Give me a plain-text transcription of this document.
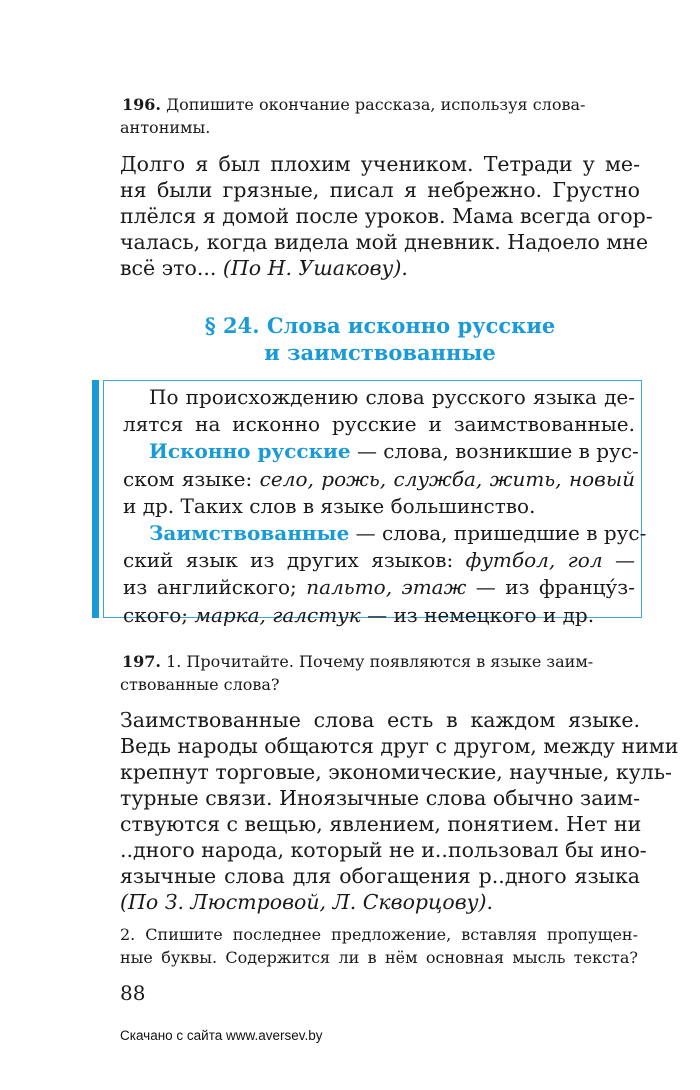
196. Допишите окончание рассказа, используя слова-
антонимы.
Долго я был плохим учеником. Тетради у ме-
ня были грязные, писал я небрежно. Грустно
плёлся я домой после уроков. Мама всегда огор-
чалась, когда видела мой дневник. Надоело мне
всё это... (По Н. Ушакову).
§ 24. Слова исконно русские
и заимствованные
По происхождению слова русского языка де-
лятся на исконно русские и заимствованные.
Исконно русские — слова, возникшие в рус-
ском языке: село, рожь, служба, жить, новый
и др. Таких слов в языке большинство.
Заимствованные — слова, пришедшие в рус-
ский язык из других языков: футбол, гол —
из английского; пальто, этаж — из францу́з-
ского; марка, галстук — из немецкого и др.
197. 1. Прочитайте. Почему появляются в языке заим-
ствованные слова?
Заимствованные слова есть в каждом языке.
Ведь народы общаются друг с другом, между ними
крепнут торговые, экономические, научные, куль-
турные связи. Иноязычные слова обычно заим-
ствуются с вещью, явлением, понятием. Нет ни
..дного народа, который не и..пользовал бы ино-
язычные слова для обогащения р..дного языка
(По З. Люстровой, Л. Скворцову).
2. Спишите последнее предложение, вставляя пропущен-
ные буквы. Содержится ли в нём основная мысль текста?
88
Скачано с сайта www.aversev.by
